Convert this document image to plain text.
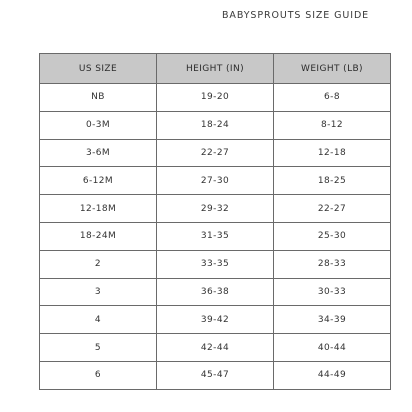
BABYSPROUTS SIZE GUIDE
US SIZE	HEIGHT (IN)	WEIGHT (LB)
NB	19-20	6-8
0-3M	18-24	8-12
3-6M	22-27	12-18
6-12M	27-30	18-25
12-18M	29-32	22-27
18-24M	31-35	25-30
2	33-35	28-33
3	36-38	30-33
4	39-42	34-39
5	42-44	40-44
6	45-47	44-49
